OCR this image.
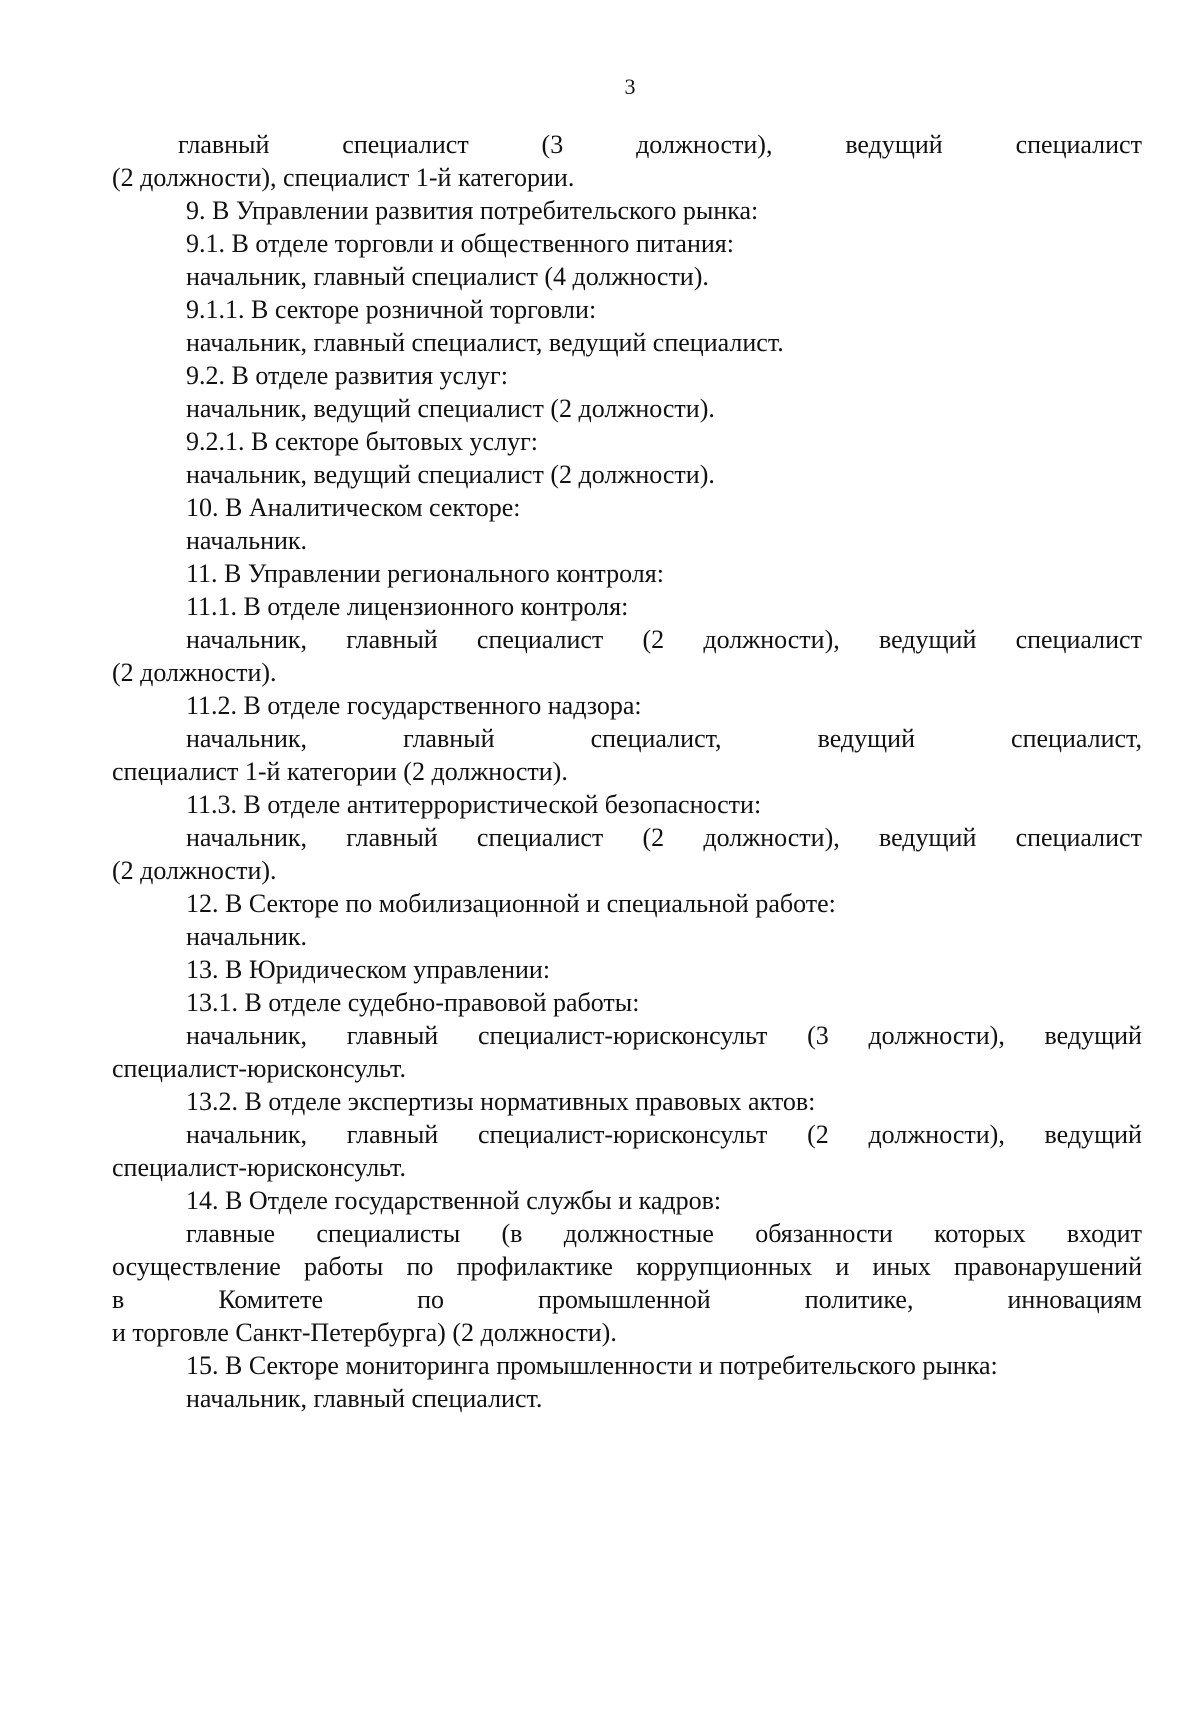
3
главный	специалист	(3	должности),	ведущий	специалист
(2 должности), специалист 1-й категории.
9. В Управлении развития потребительского рынка:
9.1. В отделе торговли и общественного питания:
начальник, главный специалист (4 должности).
9.1.1. В секторе розничной торговли:
начальник, главный специалист, ведущий специалист.
9.2. В отделе развития услуг:
начальник, ведущий специалист (2 должности).
9.2.1. В секторе бытовых услуг:
начальник, ведущий специалист (2 должности).
10. В Аналитическом секторе:
начальник.
11. В Управлении регионального контроля:
11.1. В отделе лицензионного контроля:
начальник, главный специалист (2 должности), ведущий специалист
(2 должности).
11.2. В отделе государственного надзора:
начальник,	главный	специалист,	ведущий	специалист,
специалист 1-й категории (2 должности).
11.3. В отделе антитеррористической безопасности:
начальник, главный специалист (2 должности), ведущий специалист
(2 должности).
12. В Секторе по мобилизационной и специальной работе:
начальник.
13. В Юридическом управлении:
13.1. В отделе судебно-правовой работы:
начальник, главный специалист-юрисконсульт (3 должности), ведущий
специалист-юрисконсульт.
13.2. В отделе экспертизы нормативных правовых актов:
начальник, главный специалист-юрисконсульт (2 должности), ведущий
специалист-юрисконсульт.
14. В Отделе государственной службы и кадров:
главные специалисты (в должностные обязанности которых входит
осуществление работы по профилактике коррупционных и иных правонарушений
в	Комитете	по	промышленной	политике,	инновациям
и торговле Санкт-Петербурга) (2 должности).
15. В Секторе мониторинга промышленности и потребительского рынка:
начальник, главный специалист.
